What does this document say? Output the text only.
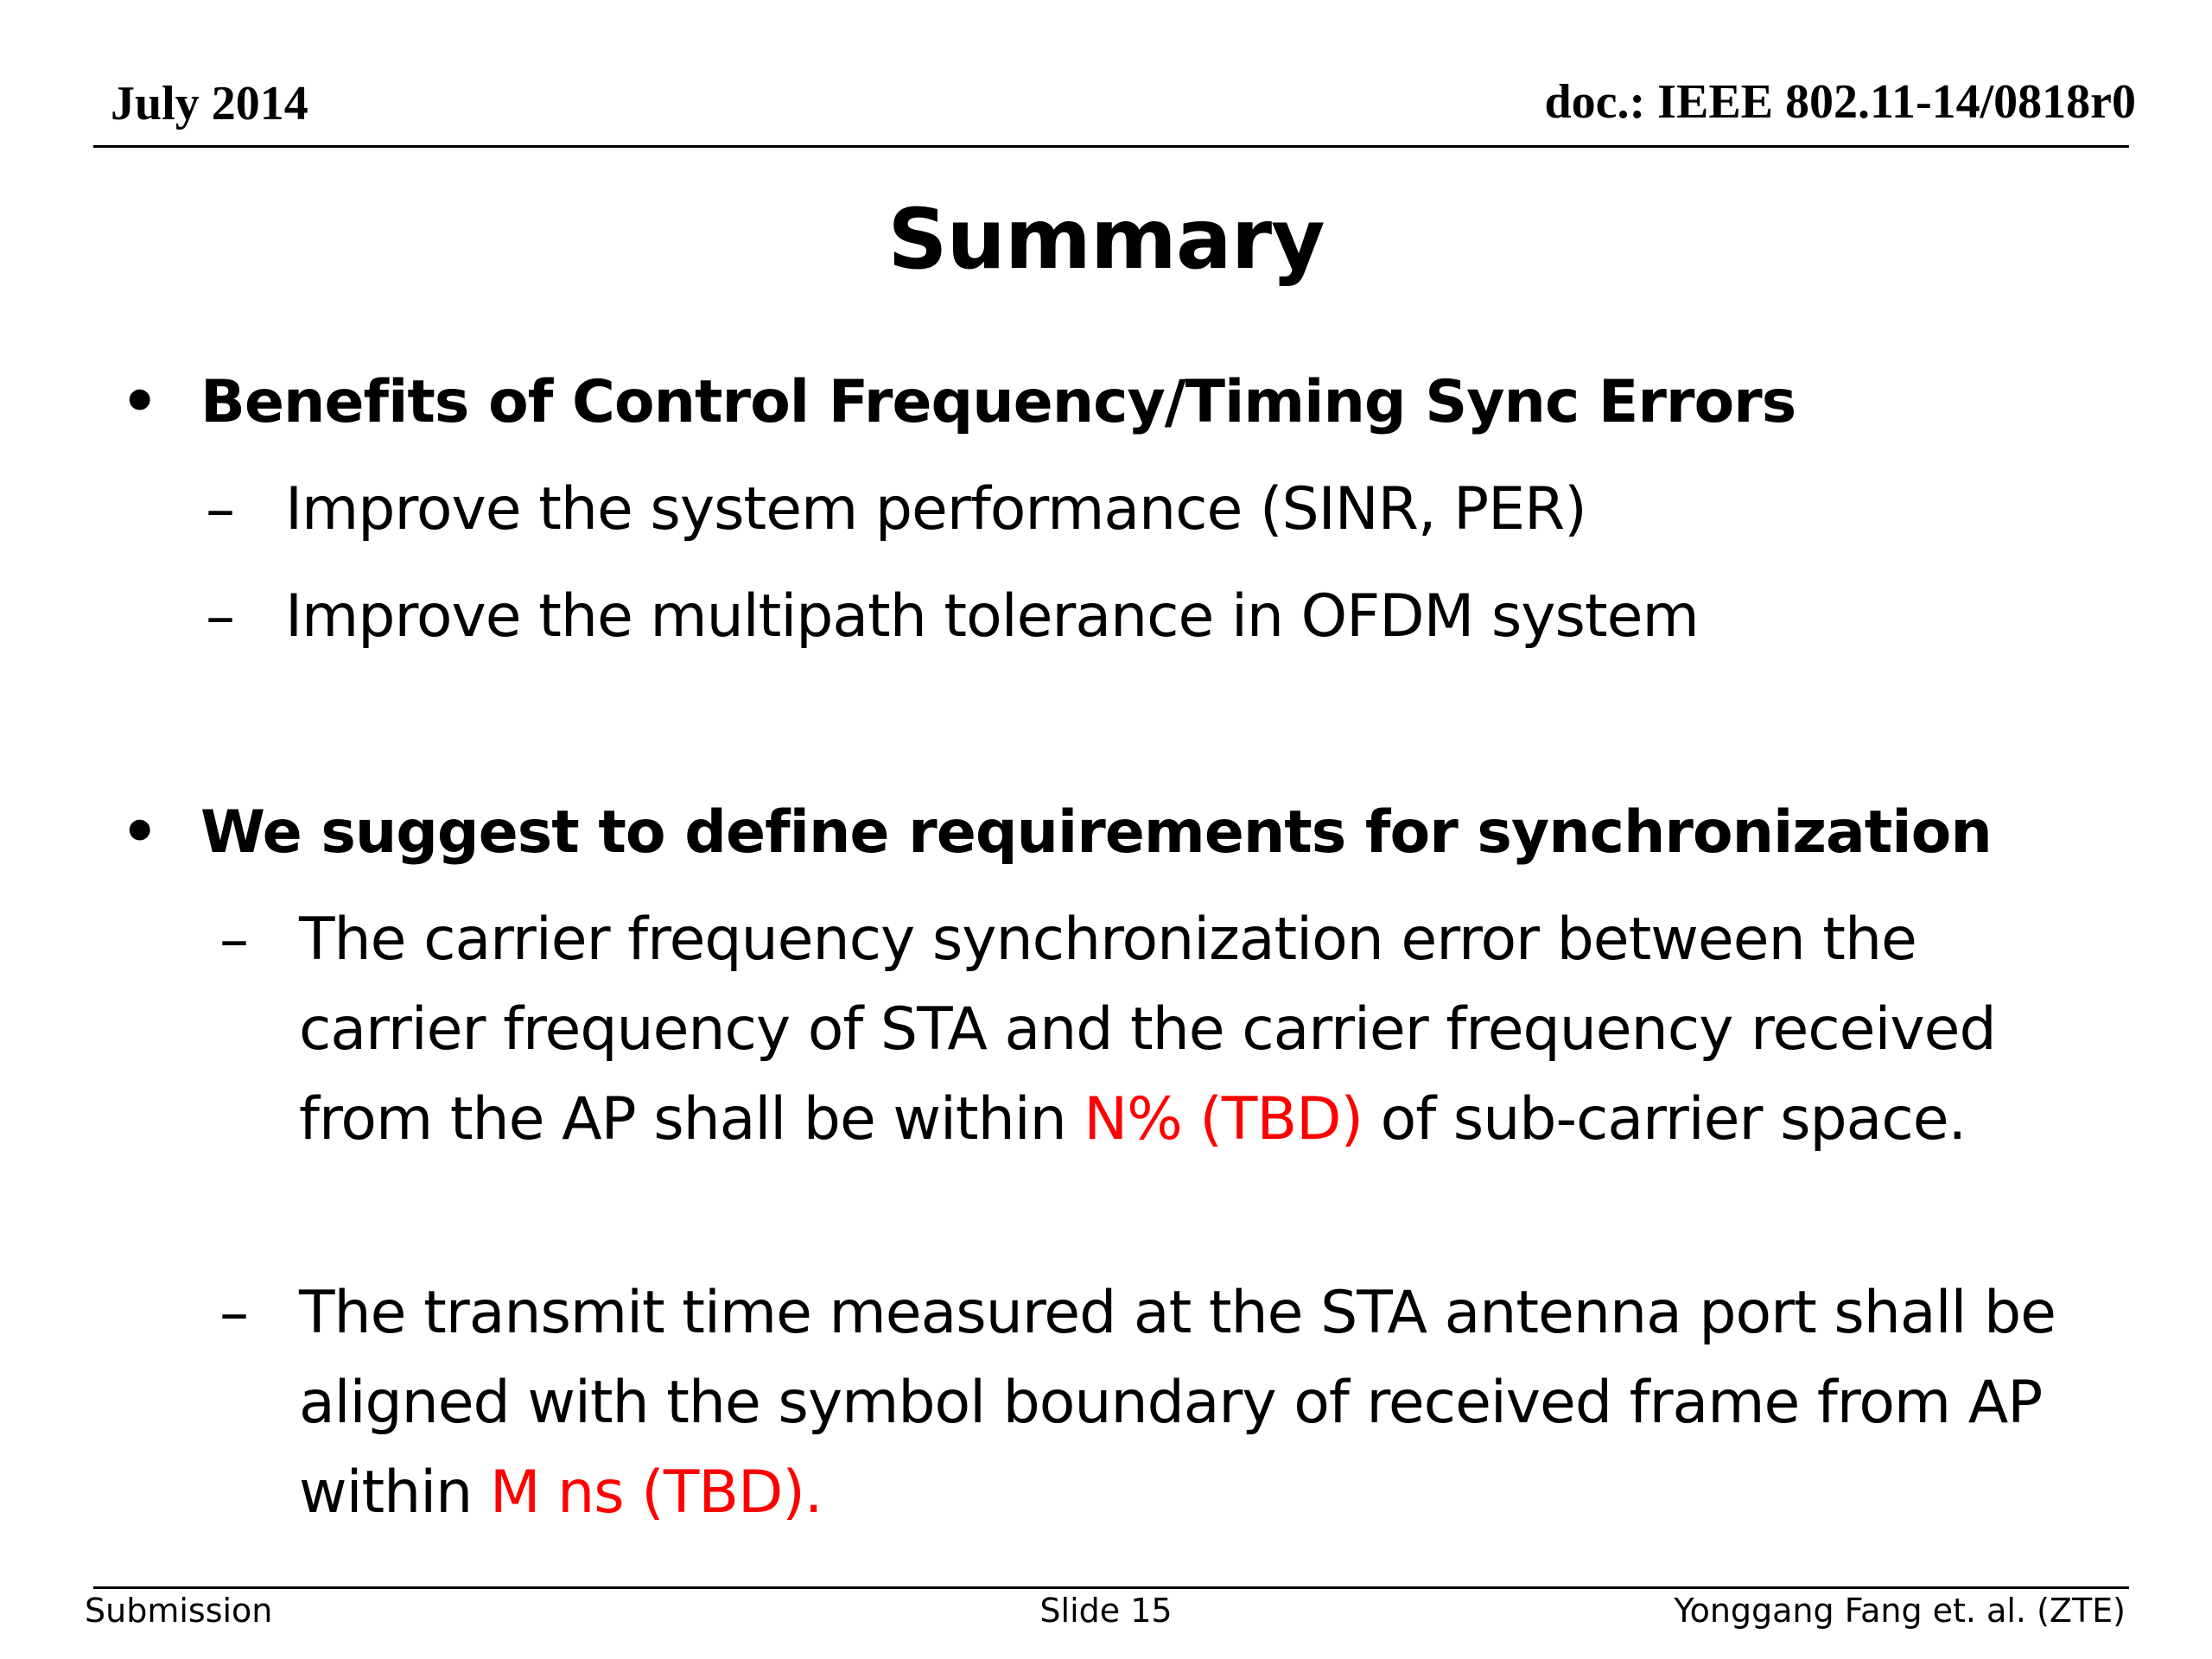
July 2014	doc.: IEEE 802.11-14/0818r0
Summary
• Benefits of Control Frequency/Timing Sync Errors
– Improve the system performance (SINR, PER)
– Improve the multipath tolerance in OFDM system
• We suggest to define requirements for synchronization
– The carrier frequency synchronization error between the carrier frequency of STA and the carrier frequency received from the AP shall be within N% (TBD) of sub-carrier space.
– The transmit time measured at the STA antenna port shall be aligned with the symbol boundary of received frame from AP within M ns (TBD).
Submission	Slide 15	Yonggang Fang et. al. (ZTE)
